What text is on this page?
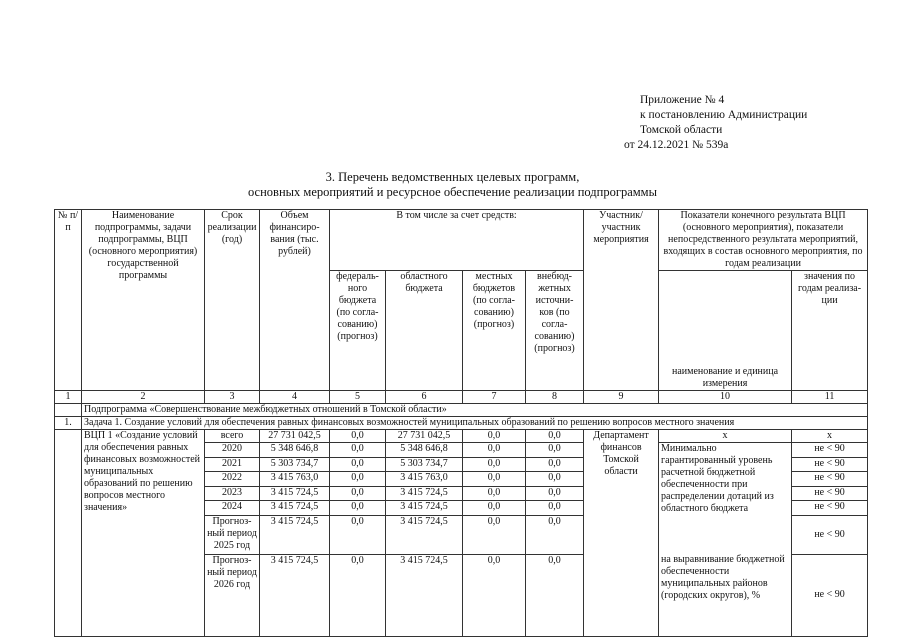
Приложение № 4
к постановлению Администрации
Томской области
от 24.12.2021 № 539а
3. Перечень ведомственных целевых программ,
основных мероприятий и ресурсное обеспечение реализации подпрограммы
№ п/п	Наименование подпрограммы, задачи подпрограммы, ВЦП (основного мероприятия) государственной программы	Срок реализации (год)	Объем финансиро- вания (тыс. рублей)	В том числе за счет средств:				Участник/ участник мероприятия	Показатели конечного результата ВЦП (основного мероприятия), показатели непосредственного результата мероприятий, входящих в состав основного мероприятия, по годам реализации	
				федераль- ного бюджета (по согла- сованию) (прогноз)	областного бюджета	местных бюджетов (по согла- сованию) (прогноз)	внебюд- жетных источни- ков (по согла- сованию) (прогноз)		наименование и единица измерения	значения по годам реализа- ции
1	2	3	4	5	6	7	8	9	10	11
	Подпрограмма «Совершенствование межбюджетных отношений в Томской области»									
1.	Задача 1. Создание условий для обеспечения равных финансовых возможностей муниципальных образований по решению вопросов местного значения									
	ВЦП 1 «Создание условий для обеспечения равных финансовых возможностей муниципальных образований по решению вопросов местного значения»	всего	27 731 042,5	0,0	27 731 042,5	0,0	0,0	Департамент финансов Томской области	x	x
		2020	5 348 646,8	0,0	5 348 646,8	0,0	0,0		Минимально гарантированный уровень расчетной бюджетной обеспеченности при распределении дотаций из областного бюджета	не < 90
		2021	5 303 734,7	0,0	5 303 734,7	0,0	0,0			не < 90
		2022	3 415 763,0	0,0	3 415 763,0	0,0	0,0			не < 90
		2023	3 415 724,5	0,0	3 415 724,5	0,0	0,0			не < 90
		2024	3 415 724,5	0,0	3 415 724,5	0,0	0,0			не < 90
		Прогноз- ный период 2025 год	3 415 724,5	0,0	3 415 724,5	0,0	0,0			не < 90
		Прогноз- ный период 2026 год	3 415 724,5	0,0	3 415 724,5	0,0	0,0		на выравнивание бюджетной обеспеченности муниципальных районов (городских округов), %	не < 90
